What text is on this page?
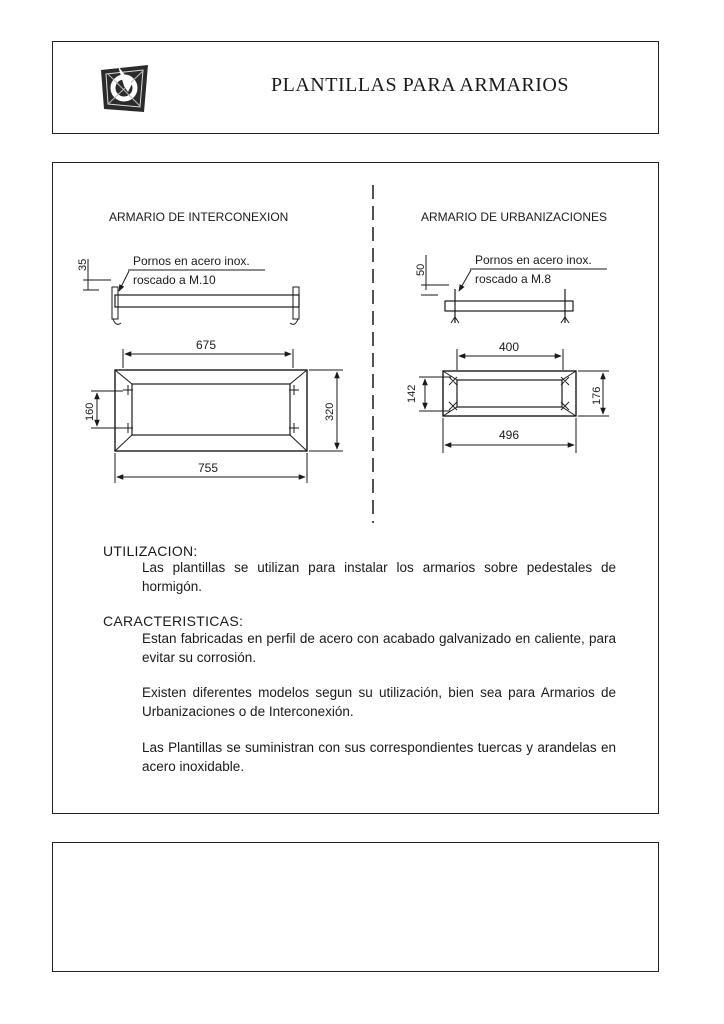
PLANTILLAS PARA ARMARIOS
ARMARIO DE INTERCONEXION
35	Pornos en acero inox.
roscado a M.10
675
160	320
755
ARMARIO DE URBANIZACIONES
50
Pornos en acero inox.
roscado a M.8
400
142	176
496
UTILIZACION:

Las plantillas se utilizan para instalar los armarios sobre pedestales de hormigón.

CARACTERISTICAS:

Estan fabricadas en perfil de acero con acabado galvanizado en caliente, para evitar su corrosión.

Existen diferentes modelos segun su utilización, bien sea para Armarios de Urbanizaciones o de Interconexión.

Las Plantillas se suministran con sus correspondientes tuercas y arandelas en acero inoxidable.
